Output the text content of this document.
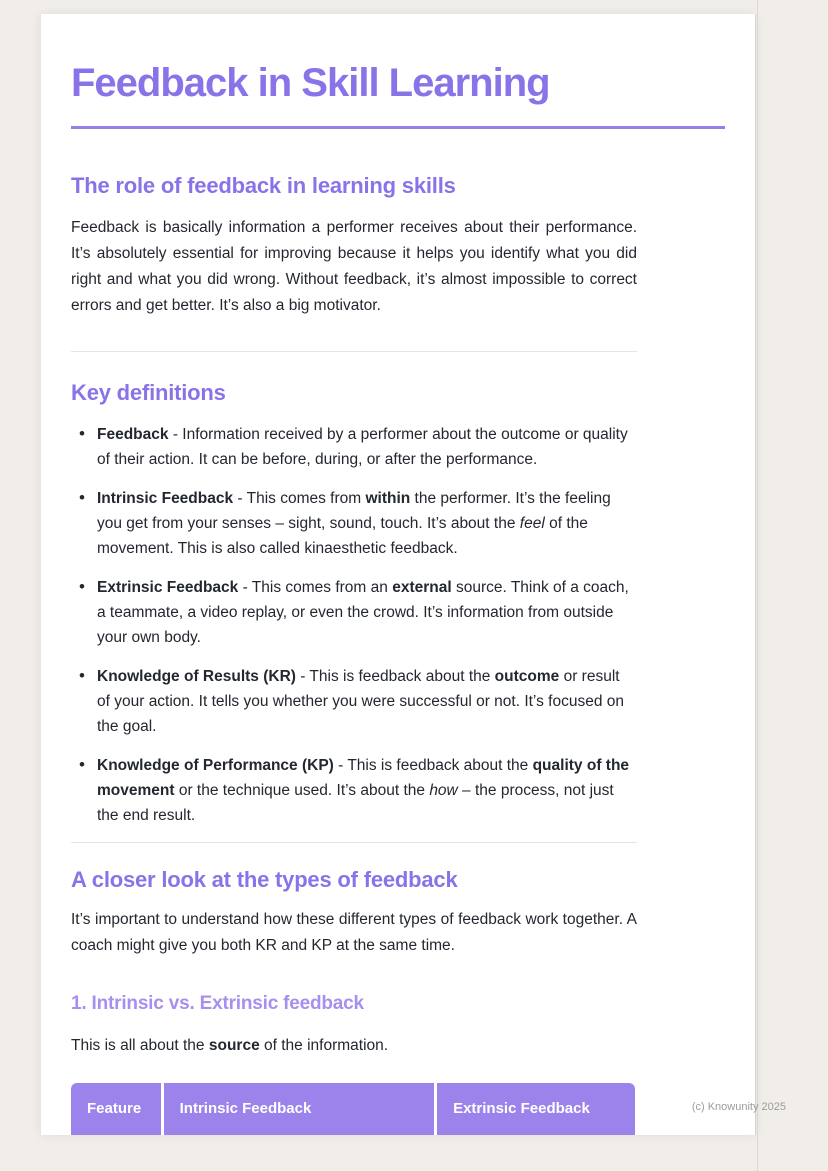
Feedback in Skill Learning
The role of feedback in learning skills

Feedback is basically information a performer receives about their performance. It’s absolutely essential for improving because it helps you identify what you did right and what you did wrong. Without feedback, it’s almost impossible to correct errors and get better. It’s also a big motivator.

Key definitions
• Feedback - Information received by a performer about the outcome or quality of their action. It can be before, during, or after the performance.
• Intrinsic Feedback - This comes from within the performer. It’s the feeling you get from your senses – sight, sound, touch. It’s about the feel of the movement. This is also called kinaesthetic feedback.
• Extrinsic Feedback - This comes from an external source. Think of a coach, a teammate, a video replay, or even the crowd. It’s information from outside your own body.
• Knowledge of Results (KR) - This is feedback about the outcome or result of your action. It tells you whether you were successful or not. It’s focused on the goal.
• Knowledge of Performance (KP) - This is feedback about the quality of the movement or the technique used. It’s about the how – the process, not just the end result.
A closer look at the types of feedback

It’s important to understand how these different types of feedback work together. A coach might give you both KR and KP at the same time.

1. Intrinsic vs. Extrinsic feedback

This is all about the source of the information.

Feature	Intrinsic Feedback	Extrinsic Feedback	(c) Knowunity 2025
